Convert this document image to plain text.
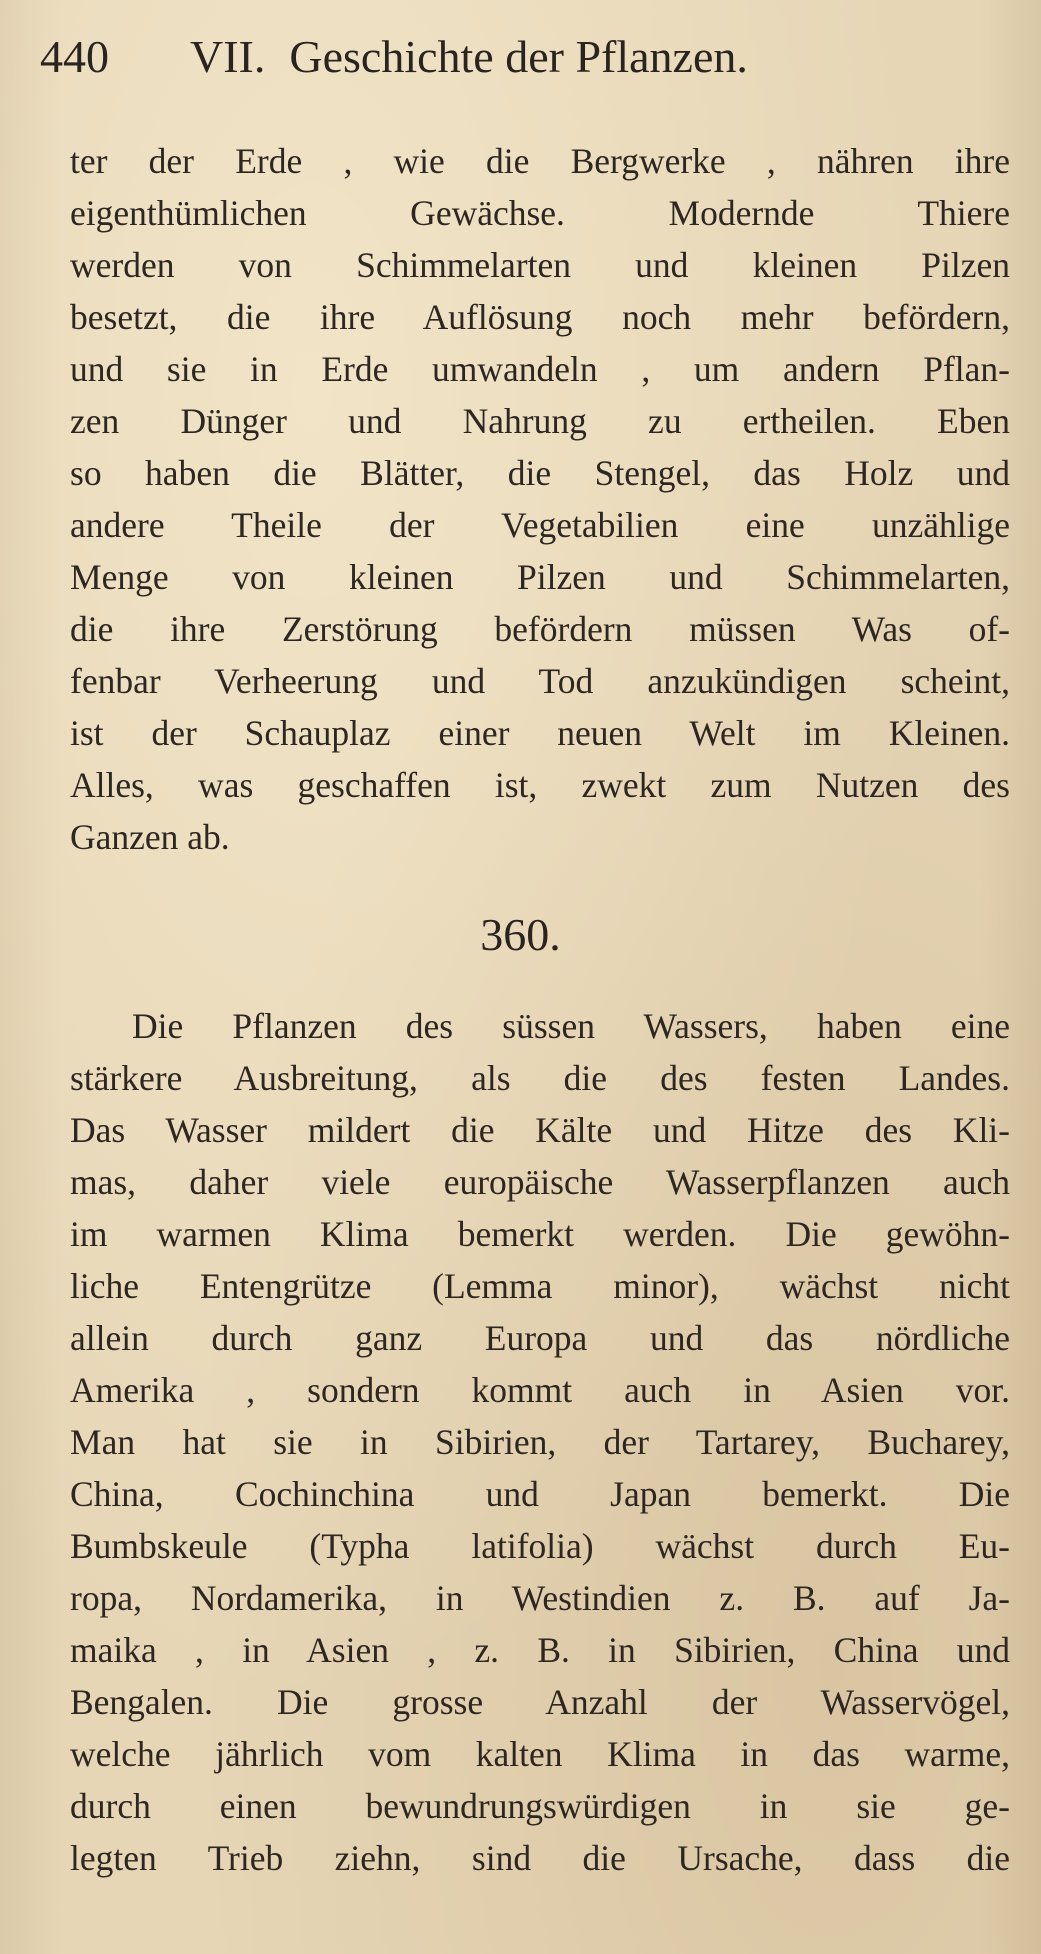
440 VII. Geschichte der Pflanzen.
ter der Erde , wie die Bergwerke , nähren ihre
eigenthümlichen Gewächse. Modernde Thiere
werden von Schimmelarten und kleinen Pilzen
besetzt, die ihre Auflösung noch mehr befördern,
und sie in Erde umwandeln , um andern Pflan-
zen Dünger und Nahrung zu ertheilen. Eben
so haben die Blätter, die Stengel, das Holz und
andere Theile der Vegetabilien eine unzählige
Menge von kleinen Pilzen und Schimmelarten,
die ihre Zerstörung befördern müssen Was of-
fenbar Verheerung und Tod anzukündigen scheint,
ist der Schauplaz einer neuen Welt im Kleinen.
Alles, was geschaffen ist, zwekt zum Nutzen des
Ganzen ab.
360.
Die Pflanzen des süssen Wassers, haben eine
stärkere Ausbreitung, als die des festen Landes.
Das Wasser mildert die Kälte und Hitze des Kli-
mas, daher viele europäische Wasserpflanzen auch
im warmen Klima bemerkt werden. Die gewöhn-
liche Entengrütze (Lemma minor), wächst nicht
allein durch ganz Europa und das nördliche
Amerika , sondern kommt auch in Asien vor.
Man hat sie in Sibirien, der Tartarey, Bucharey,
China, Cochinchina und Japan bemerkt. Die
Bumbskeule (Typha latifolia) wächst durch Eu-
ropa, Nordamerika, in Westindien z. B. auf Ja-
maika , in Asien , z. B. in Sibirien, China und
Bengalen. Die grosse Anzahl der Wasservögel,
welche jährlich vom kalten Klima in das warme,
durch einen bewundrungswürdigen in sie ge-
legten Trieb ziehn, sind die Ursache, dass die
